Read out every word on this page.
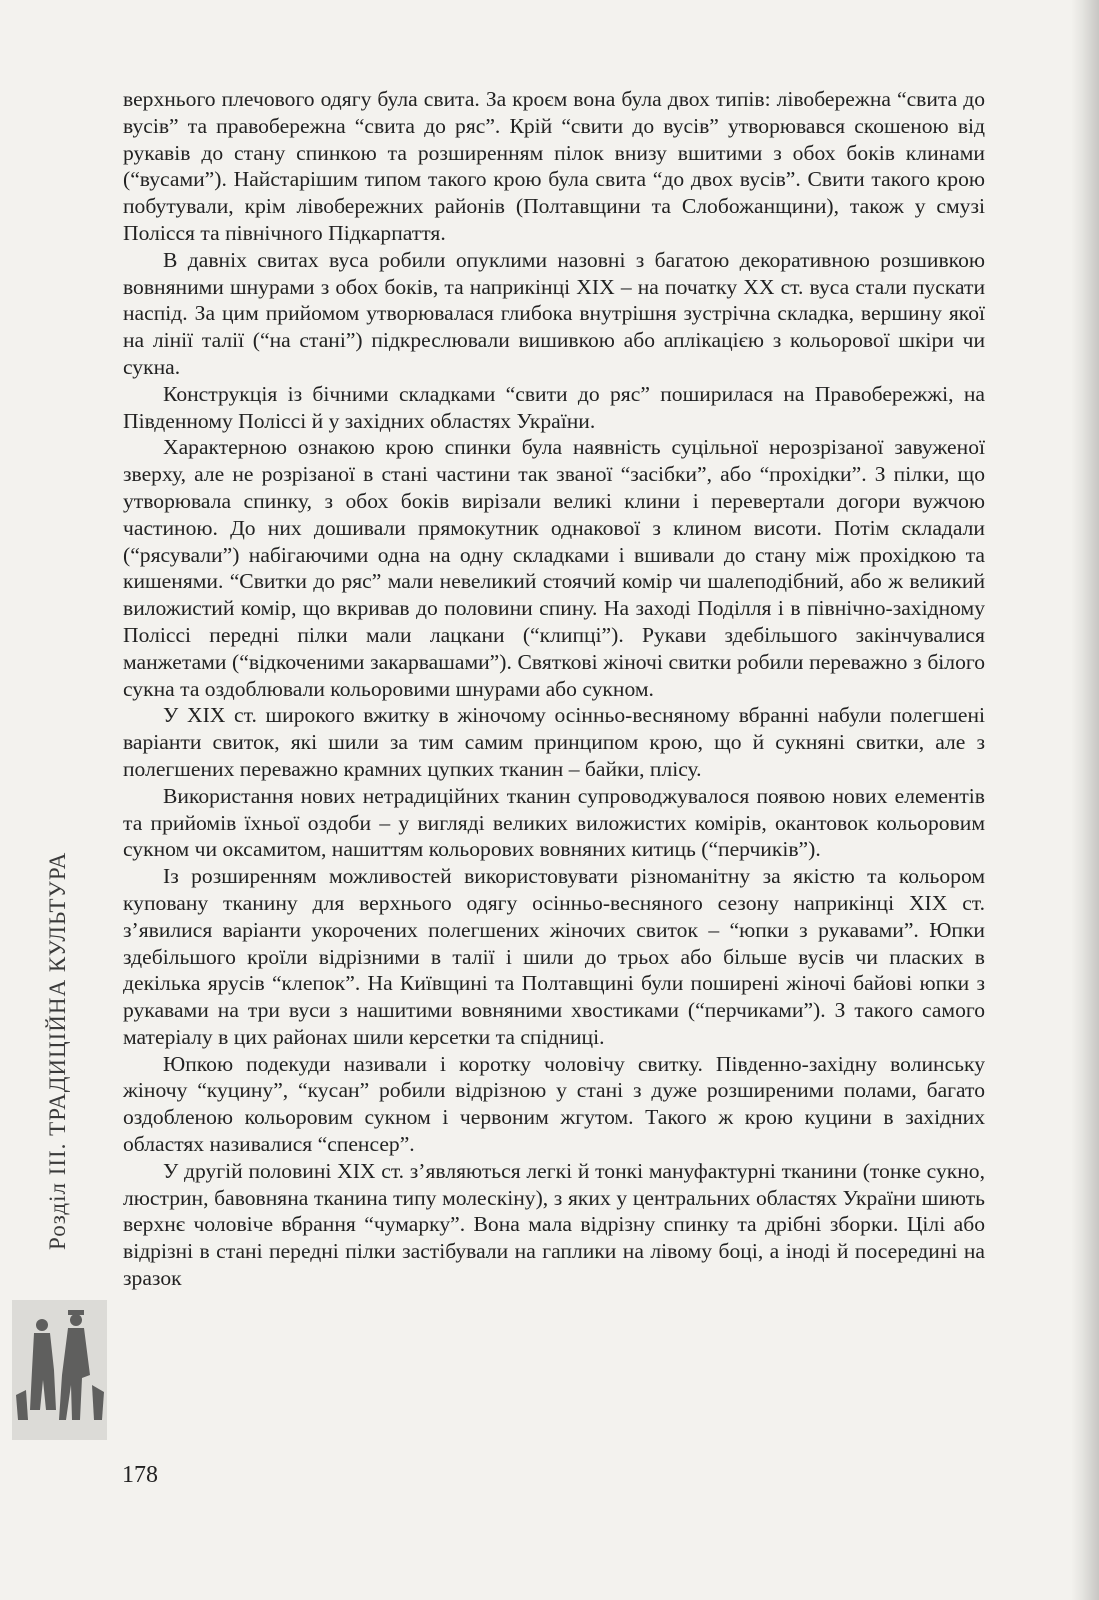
верхнього плечового одягу була свита. За кроєм вона була двох типів: лівобережна “свита до вусів” та правобережна “свита до ряс”. Крій “свити до вусів” утворювався скошеною від рукавів до стану спинкою та розширенням пілок внизу вшитими з обох боків клинами (“вусами”). Найстарішим типом такого крою була свита “до двох вусів”. Свити такого крою побутували, крім лівобережних районів (Полтавщини та Слобожанщини), також у смузі Полісся та північного Підкарпаття.

В давніх свитах вуса робили опуклими назовні з багатою декоративною розшивкою вовняними шнурами з обох боків, та наприкінці ХІХ – на початку ХХ ст. вуса стали пускати наспід. За цим прийомом утворювалася глибока внутрішня зустрічна складка, вершину якої на лінії талії (“на стані”) підкреслювали вишивкою або аплікацією з кольорової шкіри чи сукна.

Конструкція із бічними складками “свити до ряс” поширилася на Правобережжі, на Південному Поліссі й у західних областях України.

Характерною ознакою крою спинки була наявність суцільної нерозрізаної завуженої зверху, але не розрізаної в стані частини так званої “засібки”, або “прохідки”. З пілки, що утворювала спинку, з обох боків вирізали великі клини і перевертали догори вужчою частиною. До них дошивали прямокутник однакової з клином висоти. Потім складали (“рясували”) набігаючими одна на одну складками і вшивали до стану між прохідкою та кишенями. “Свитки до ряс” мали невеликий стоячий комір чи шалеподібний, або ж великий виложистий комір, що вкривав до половини спину. На заході Поділля і в північно-західному Поліссі передні пілки мали лацкани (“клипці”). Рукави здебільшого закінчувалися манжетами (“відкоченими закарвашами”). Святкові жіночі свитки робили переважно з білого сукна та оздоблювали кольоровими шнурами або сукном.

У ХІХ ст. широкого вжитку в жіночому осінньо-весняному вбранні набули полегшені варіанти свиток, які шили за тим самим принципом крою, що й сукняні свитки, але з полегшених переважно крамних цупких тканин – байки, плісу.

Використання нових нетрадиційних тканин супроводжувалося появою нових елементів та прийомів їхньої оздоби – у вигляді великих виложистих комірів, окантовок кольоровим сукном чи оксамитом, нашиттям кольорових вовняних китиць (“перчиків”).

Із розширенням можливостей використовувати різноманітну за якістю та кольором куповану тканину для верхнього одягу осінньо-весняного сезону наприкінці ХІХ ст. з’явилися варіанти укорочених полегшених жіночих свиток – “юпки з рукавами”. Юпки здебільшого кроїли відрізними в талії і шили до трьох або більше вусів чи пласких в декілька ярусів “клепок”. На Київщині та Полтавщині були поширені жіночі байові юпки з рукавами на три вуси з нашитими вовняними хвостиками (“перчиками”). З такого самого матеріалу в цих районах шили керсетки та спідниці.

Юпкою подекуди називали і коротку чоловічу свитку. Південно-західну волинську жіночу “куцину”, “кусан” робили відрізною у стані з дуже розширеними полами, багато оздобленою кольоровим сукном і червоним жгутом. Такого ж крою куцини в західних областях називалися “спенсер”.

У другій половині ХІХ ст. з’являються легкі й тонкі мануфактурні тканини (тонке сукно, люстрин, бавовняна тканина типу молескіну), з яких у центральних областях України шиють верхнє чоловіче вбрання “чумарку”. Вона мала відрізну спинку та дрібні зборки. Цілі або відрізні в стані передні пілки застібували на гаплики на лівому боці, а іноді й посередині на зразок

Розділ ІІІ. ТРАДИЦІЙНА КУЛЬТУРА
178
